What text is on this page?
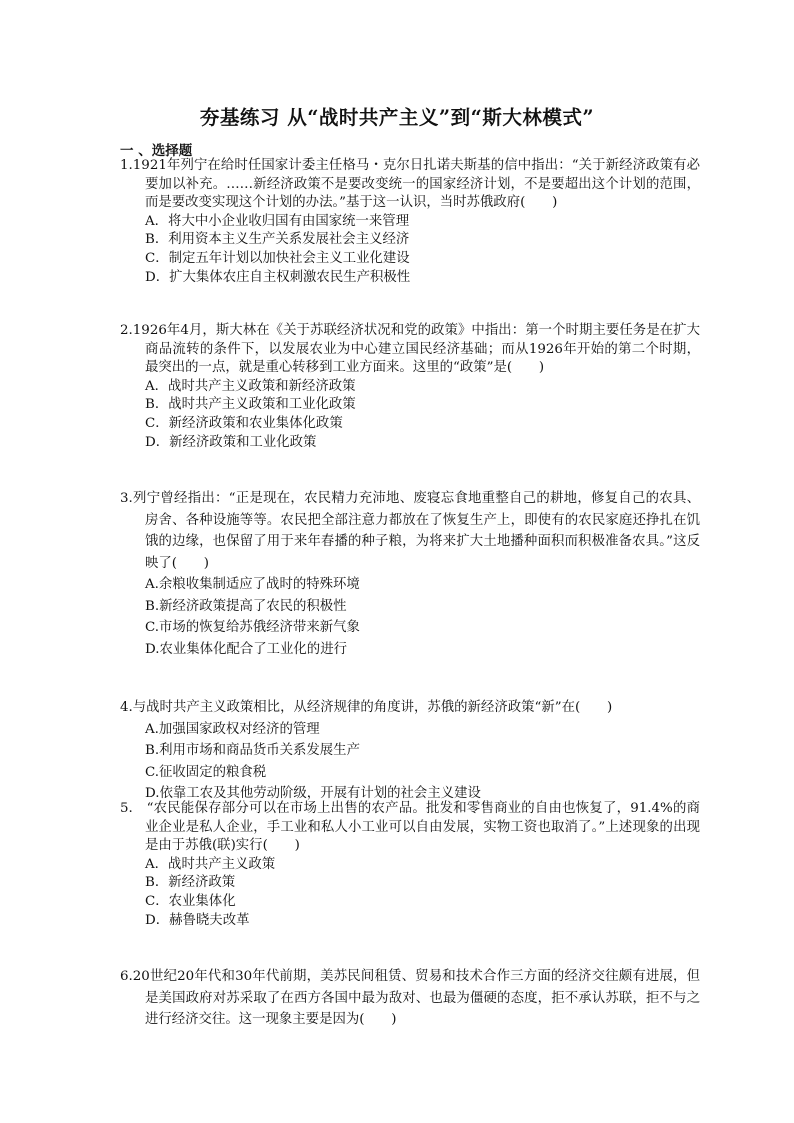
夯基练习 从“战时共产主义”到“斯大林模式”
一 、选择题

1.1921年列宁在给时任国家计委主任格马・克尔日扎诺夫斯基的信中指出：“关于新经济政策有必要加以补充。……新经济政策不是要改变统一的国家经济计划，不是要超出这个计划的范围，而是要改变实现这个计划的办法。”基于这一认识，当时苏俄政府(　　)

A．将大中小企业收归国有由国家统一来管理

B．利用资本主义生产关系发展社会主义经济

C．制定五年计划以加快社会主义工业化建设

D．扩大集体农庄自主权刺激农民生产积极性

2.1926年4月，斯大林在《关于苏联经济状况和党的政策》中指出：第一个时期主要任务是在扩大商品流转的条件下，以发展农业为中心建立国民经济基础；而从1926年开始的第二个时期，最突出的一点，就是重心转移到工业方面来。这里的“政策”是(　　)

A．战时共产主义政策和新经济政策

B．战时共产主义政策和工业化政策

C．新经济政策和农业集体化政策

D．新经济政策和工业化政策

3.列宁曾经指出：“正是现在，农民精力充沛地、废寝忘食地重整自己的耕地，修复自己的农具、房舍、各种设施等等。农民把全部注意力都放在了恢复生产上，即使有的农民家庭还挣扎在饥饿的边缘，也保留了用于来年春播的种子粮，为将来扩大土地播种面积而积极准备农具。”这反映了(　　)

A.余粮收集制适应了战时的特殊环境

B.新经济政策提高了农民的积极性

C.市场的恢复给苏俄经济带来新气象

D.农业集体化配合了工业化的进行

4.与战时共产主义政策相比，从经济规律的角度讲，苏俄的新经济政策“新”在(　　)

A.加强国家政权对经济的管理

B.利用市场和商品货币关系发展生产

C.征收固定的粮食税

D.依靠工农及其他劳动阶级，开展有计划的社会主义建设

5.　“农民能保存部分可以在市场上出售的农产品。批发和零售商业的自由也恢复了，91.4%的商业企业是私人企业，手工业和私人小工业可以自由发展，实物工资也取消了。”上述现象的出现是由于苏俄(联)实行(　　)

A．战时共产主义政策

B．新经济政策

C．农业集体化

D．赫鲁晓夫改革

6.20世纪20年代和30年代前期，美苏民间租赁、贸易和技术合作三方面的经济交往颇有进展，但是美国政府对苏采取了在西方各国中最为敌对、也最为僵硬的态度，拒不承认苏联，拒不与之进行经济交往。这一现象主要是因为(　　)
